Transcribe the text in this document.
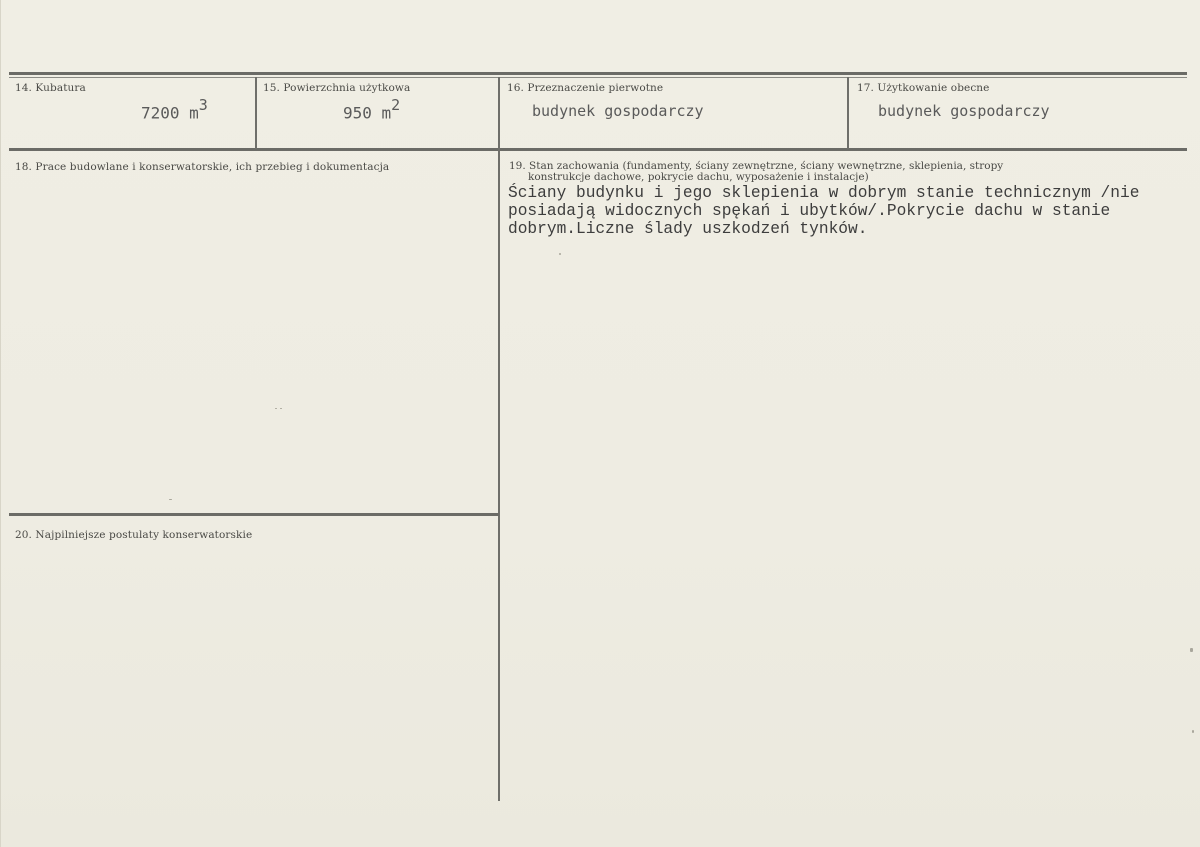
14. Kubatura
7200 $m^3$
15. Powierzchnia użytkowa
950 $m^2$
16. Przeznaczenie pierwotne
budynek gospodarczy
17. Użytkowanie obecne
budynek gospodarczy
18. Prace budowlane i konserwatorskie, ich przebieg i dokumentacja	19. Stan zachowania (fundamenty, ściany zewnętrzne, ściany wewnętrzne, sklepienia, stropy
konstrukcje dachowe, pokrycie dachu, wyposażenie i instalacje)
Ściany budynku i jego sklepienia w dobrym stanie technicznym /nie
posiadają widocznych spękań i ubytków/.Pokrycie dachu w stanie
dobrym.Liczne ślady uszkodzeń tynków.
20. Najpilniejsze postulaty konserwatorskie
